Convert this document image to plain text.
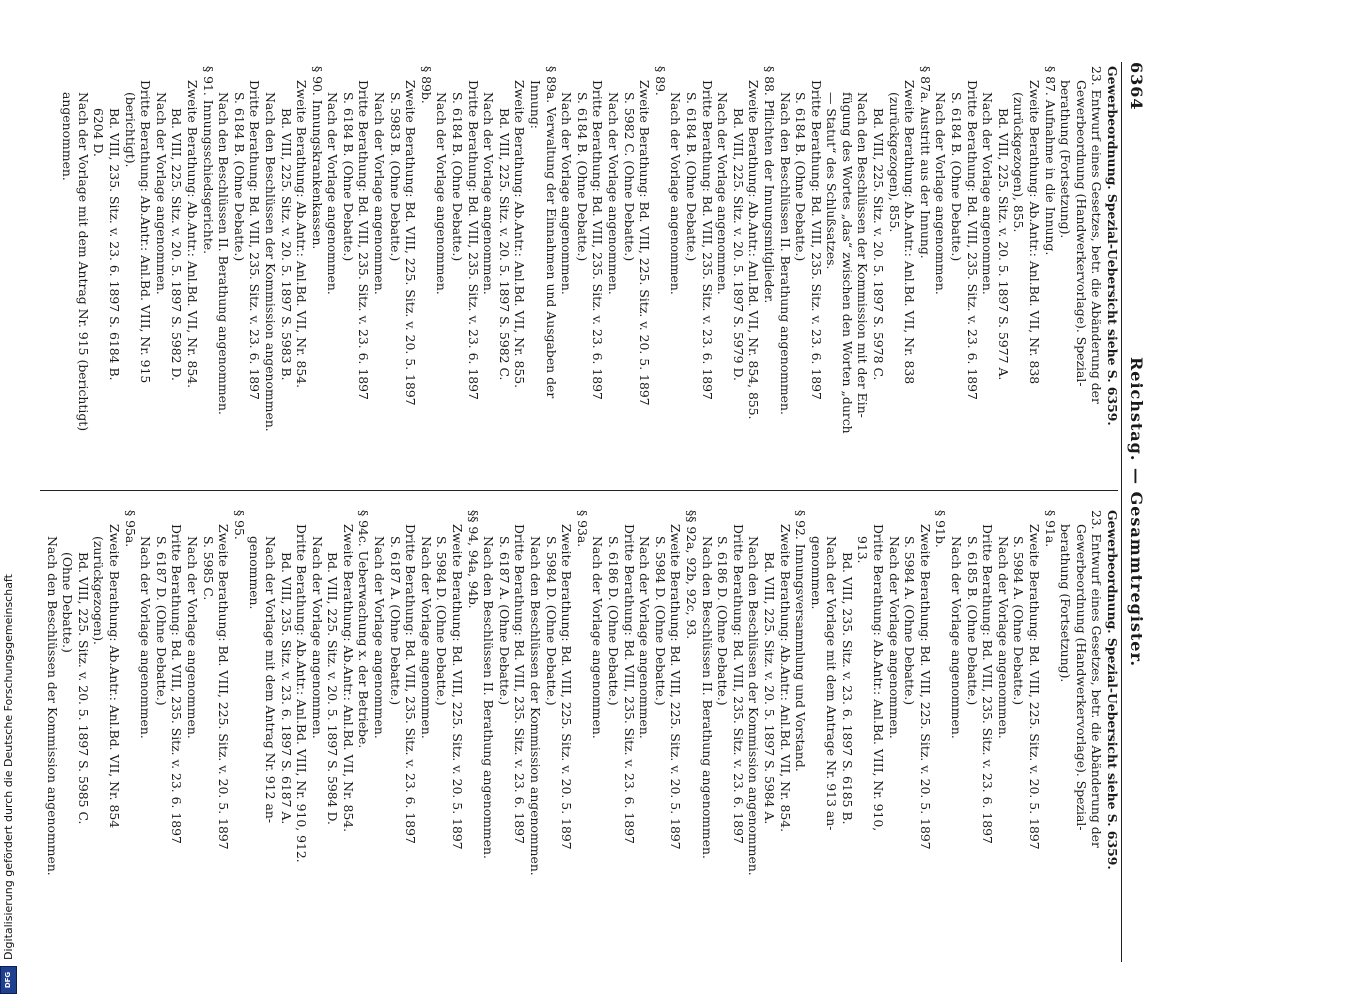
6364
Reichstag. — Gesammtregister.
Gewerbeordnung. Spezial-Uebersicht siehe S. 6359.
23. Entwurf eines Gesetzes, betr. die Abänderung der
Gewerbeordnung (Handwerkervorlage). Spezial-
berathung (Fortsetzung).
§ 87. Aufnahme in die Innung.
Zweite Berathung: Ab.Antr.: Anl.Bd. VII, Nr. 838
(zurückgezogen), 855.
Bd. VIII, 225. Sitz. v. 20. 5. 1897 S. 5977 A.
Nach der Vorlage angenommen.
Dritte Berathung: Bd. VIII, 235. Sitz. v. 23. 6. 1897
S. 6184 B. (Ohne Debatte.)
Nach der Vorlage angenommen.
§ 87a. Austritt aus der Innung.
Zweite Berathung: Ab.Antr.: Anl.Bd. VII, Nr. 838
(zurückgezogen), 855.
Bd. VIII, 225. Sitz. v. 20. 5. 1897 S. 5978 C.
Nach den Beschlüssen der Kommission mit der Ein-
fügung des Wortes „das“ zwischen den Worten „durch
— Statut“ des Schlußsatzes.
Dritte Berathung: Bd. VIII, 235. Sitz. v. 23. 6. 1897
S. 6184 B. (Ohne Debatte.)
Nach den Beschlüssen II. Berathung angenommen.
§ 88. Pflichten der Innungsmitglieder.
Zweite Berathung: Ab.Antr.: Anl.Bd. VII, Nr. 854, 855.
Bd. VIII, 225. Sitz. v. 20. 5. 1897 S. 5979 D.
Nach der Vorlage angenommen.
Dritte Berathung: Bd. VIII, 235. Sitz. v. 23. 6. 1897
S. 6184 B. (Ohne Debatte.)
Nach der Vorlage angenommen.
§ 89.
Zweite Berathung: Bd. VIII, 225. Sitz. v. 20. 5. 1897
S. 5982 C. (Ohne Debatte.)
Nach der Vorlage angenommen.
Dritte Berathung: Bd. VIII, 235. Sitz. v. 23. 6. 1897
S. 6184 B. (Ohne Debatte.)
Nach der Vorlage angenommen.
§ 89a. Verwaltung der Einnahmen und Ausgaben der
Innung:
Zweite Berathung: Ab.Antr.: Anl.Bd. VII, Nr. 855.
Bd. VIII, 225. Sitz. v. 20. 5. 1897 S. 5982 C.
Nach der Vorlage angenommen.
Dritte Berathung: Bd. VIII, 235. Sitz. v. 23. 6. 1897
S. 6184 B. (Ohne Debatte.)
Nach der Vorlage angenommen.
§ 89b.
Zweite Berathung: Bd. VIII, 225. Sitz. v. 20. 5. 1897
S. 5983 B. (Ohne Debatte.)
Nach der Vorlage angenommen.
Dritte Berathung: Bd. VIII, 235. Sitz. v. 23. 6. 1897
S. 6184 B. (Ohne Debatte.)
Nach der Vorlage angenommen.
§ 90. Innungskrankenkassen.
Zweite Berathung: Ab.Antr.: Anl.Bd. VII, Nr. 854.
Bd. VIII, 225. Sitz. v. 20. 5. 1897 S. 5983 B.
Nach den Beschlüssen der Kommission angenommen.
Dritte Berathung: Bd. VIII, 235. Sitz. v. 23. 6. 1897
S. 6184 B. (Ohne Debatte.)
Nach den Beschlüssen II. Berathung angenommen.
§ 91. Innungsschiedsgerichte.
Zweite Berathung: Ab.Antr.: Anl.Bd. VII, Nr. 854.
Bd. VIII, 225. Sitz. v. 20. 5. 1897 S. 5982 D.
Nach der Vorlage angenommen.
Dritte Berathung: Ab.Antr.: Anl.Bd. VIII, Nr. 915
(berichtigt).
Bd. VIII, 235. Sitz. v. 23. 6. 1897 S. 6184 B.
6204 D.
Nach der Vorlage mit dem Antrag Nr. 915 (berichtigt)
angenommen.
Gewerbeordnung. Spezial-Uebersicht siehe S. 6359.
23. Entwurf eines Gesetzes, betr. die Abänderung der
Gewerbeordnung (Handwerkervorlage). Spezial-
berathung (Fortsetzung).
§ 91a.
Zweite Berathung: Bd. VIII, 225. Sitz. v. 20. 5. 1897
S. 5984 A. (Ohne Debatte.)
Nach der Vorlage angenommen.
Dritte Berathung: Bd. VIII, 235. Sitz. v. 23. 6. 1897
S. 6185 B. (Ohne Debatte.)
Nach der Vorlage angenommen.
§ 91b.
Zweite Berathung: Bd. VIII, 225. Sitz. v. 20. 5. 1897
S. 5984 A. (Ohne Debatte.)
Nach der Vorlage angenommen.
Dritte Berathung: Ab.Antr.: Anl.Bd. VIII, Nr. 910,
913.
Bd. VIII, 235. Sitz. v. 23. 6. 1897 S. 6185 B.
Nach der Vorlage mit dem Antrage Nr. 913 an-
genommen.
§ 92. Innungsversammlung und Vorstand.
Zweite Berathung: Ab.Antr.: Anl.Bd. VII, Nr. 854.
Bd. VIII, 225. Sitz. v. 20. 5. 1897 S. 5984 A.
Nach den Beschlüssen der Kommission angenommen.
Dritte Berathung: Bd. VIII, 235. Sitz. v. 23. 6. 1897
S. 6186 D. (Ohne Debatte.)
Nach den Beschlüssen II. Berathung angenommen.
§§ 92a, 92b, 92c, 93.
Zweite Berathung: Bd. VIII, 225. Sitz. v. 20. 5. 1897
S. 5984 D. (Ohne Debatte.)
Nach der Vorlage angenommen.
Dritte Berathung: Bd. VIII, 235. Sitz. v. 23. 6. 1897
S. 6186 D. (Ohne Debatte.)
Nach der Vorlage angenommen.
§ 93a.
Zweite Berathung: Bd. VIII, 225. Sitz. v. 20. 5. 1897
S. 5984 D. (Ohne Debatte.)
Nach den Beschlüssen der Kommission angenommen.
Dritte Berathung: Bd. VIII, 235. Sitz. v. 23. 6. 1897
S. 6187 A. (Ohne Debatte.)
Nach den Beschlüssen II. Berathung angenommen.
§§ 94, 94a, 94b.
Zweite Berathung: Bd. VIII, 225. Sitz. v. 20. 5. 1897
S. 5984 D. (Ohne Debatte.)
Nach der Vorlage angenommen.
Dritte Berathung: Bd. VIII, 235. Sitz. v. 23. 6. 1897
S. 6187 A. (Ohne Debatte.)
Nach der Vorlage angenommen.
§ 94c. Ueberwachung x. der Betriebe.
Zweite Berathung: Ab.Antr.: Anl.Bd. VII, Nr. 854.
Bd. VIII, 225. Sitz. v. 20. 5. 1897 S. 5984 D.
Nach der Vorlage angenommen.
Dritte Berathung: Ab.Antr.: Anl.Bd. VIII, Nr. 910, 912.
Bd. VIII, 235. Sitz. v. 23. 6. 1897 S. 6187 A.
Nach der Vorlage mit dem Antrag Nr. 912 an-
genommen.
§ 95.
Zweite Berathung: Bd. VIII, 225. Sitz. v. 20. 5. 1897
S. 5985 C.
Nach der Vorlage angenommen.
Dritte Berathung: Bd. VIII, 235. Sitz. v. 23. 6. 1897
S. 6187 D. (Ohne Debatte.)
Nach der Vorlage angenommen.
§ 95a.
Zweite Berathung: Ab.Antr.: Anl.Bd. VII, Nr. 854
(zurückgezogen).
Bd. VIII, 225. Sitz. v. 20. 5. 1897 S. 5985 C.
(Ohne Debatte.)
Nach den Beschlüssen der Kommission angenommen.
Digitalisierung gefördert durch die Deutsche Forschungsgemeinschaft
DFG
